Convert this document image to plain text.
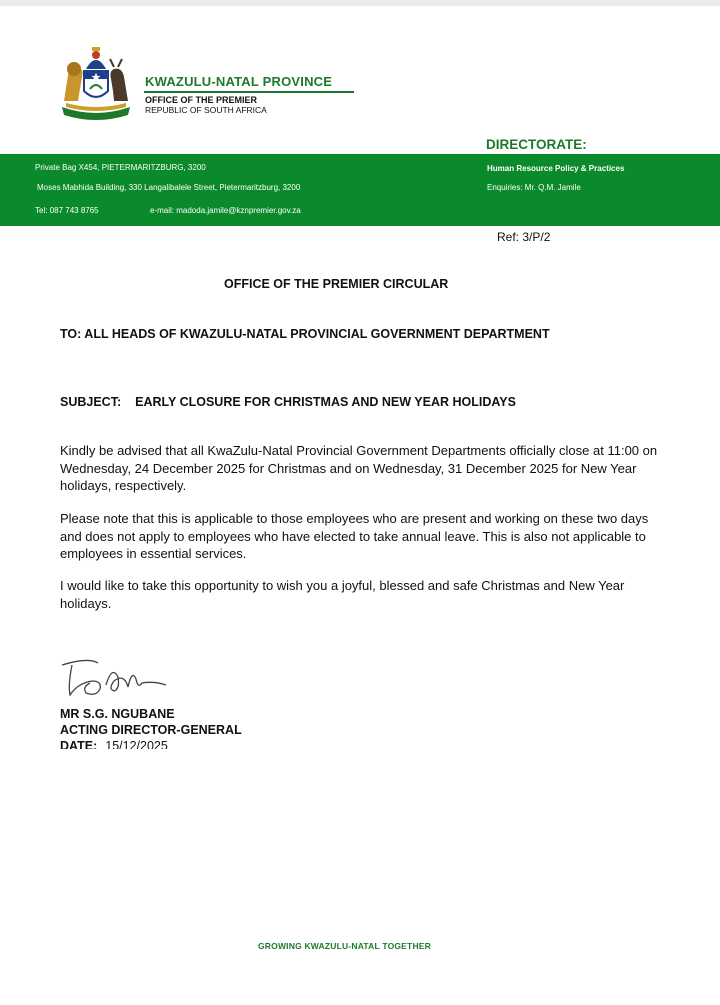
KWAZULU-NATAL PROVINCE
OFFICE OF THE PREMIER
REPUBLIC OF SOUTH AFRICA
DIRECTORATE:
Private Bag X454, PIETERMARITZBURG, 3200
Moses Mabhida Building, 330 Langalibalele Street, Pietermaritzburg, 3200
Tel: 087 743 8765	e-mail: madoda.jamile@kznpremier.gov.za
Human Resource Policy & Practices
Enquiries: Mr. Q.M. Jamile
Ref: 3/P/2
OFFICE OF THE PREMIER CIRCULAR
TO: ALL HEADS OF KWAZULU-NATAL PROVINCIAL GOVERNMENT DEPARTMENT
SUBJECT: EARLY CLOSURE FOR CHRISTMAS AND NEW YEAR HOLIDAYS
Kindly be advised that all KwaZulu-Natal Provincial Government Departments officially close at 11:00 on Wednesday, 24 December 2025 for Christmas and on Wednesday, 31 December 2025 for New Year holidays, respectively.
Please note that this is applicable to those employees who are present and working on these two days and does not apply to employees who have elected to take annual leave. This is also not applicable to employees in essential services.
I would like to take this opportunity to wish you a joyful, blessed and safe Christmas and New Year holidays.
MR S.G. NGUBANE
ACTING DIRECTOR-GENERAL
DATE: 15/12/2025
GROWING KWAZULU-NATAL TOGETHER
